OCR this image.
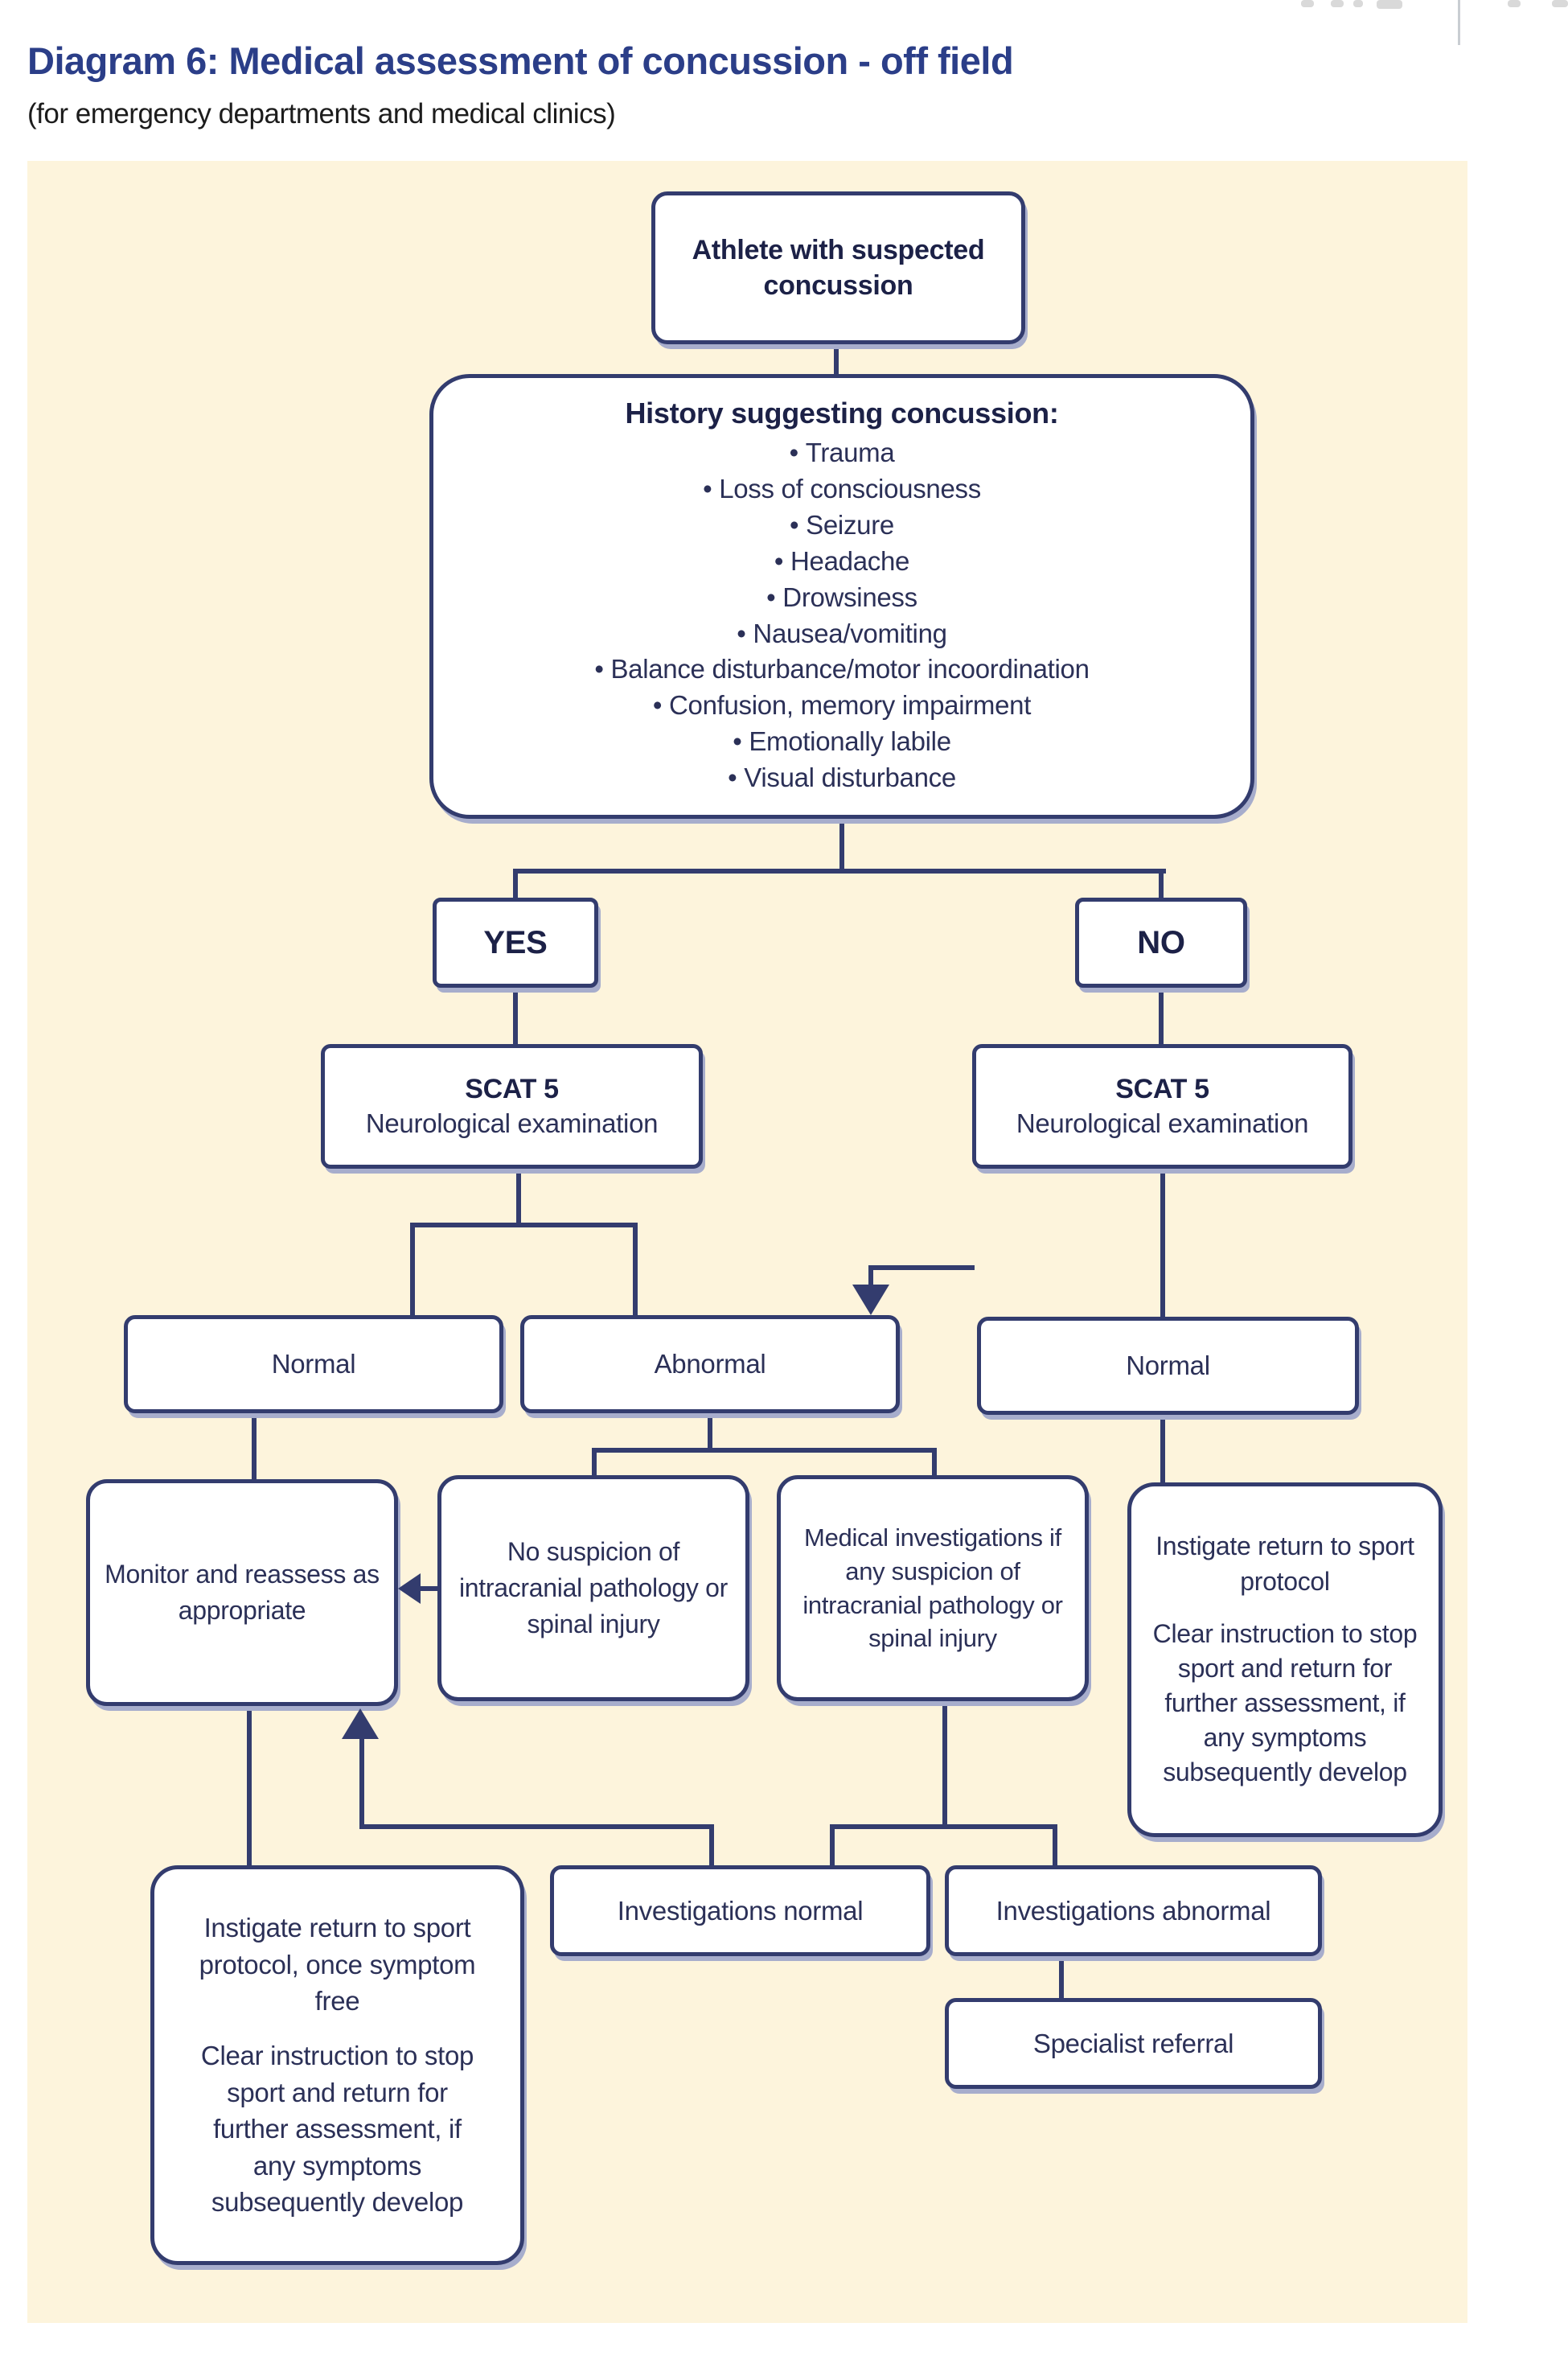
Diagram 6: Medical assessment of concussion - off field
(for emergency departments and medical clinics)
Athlete with suspected concussion
History suggesting concussion:
• Trauma
• Loss of consciousness
• Seizure
• Headache
• Drowsiness
• Nausea/vomiting
• Balance disturbance/motor incoordination
• Confusion, memory impairment
• Emotionally labile
• Visual disturbance
YES	NO
SCAT 5
Neurological examination
SCAT 5
Neurological examination
Normal	Abnormal	Normal
Monitor and reassess as appropriate
No suspicion of intracranial pathology or spinal injury
Medical investigations if any suspicion of intracranial pathology or spinal injury
Instigate return to sport protocol
Clear instruction to stop sport and return for further assessment, if any symptoms subsequently develop
Instigate return to sport protocol, once symptom free
Clear instruction to stop sport and return for further assessment, if any symptoms subsequently develop
Investigations normal	Investigations abnormal
Specialist referral
